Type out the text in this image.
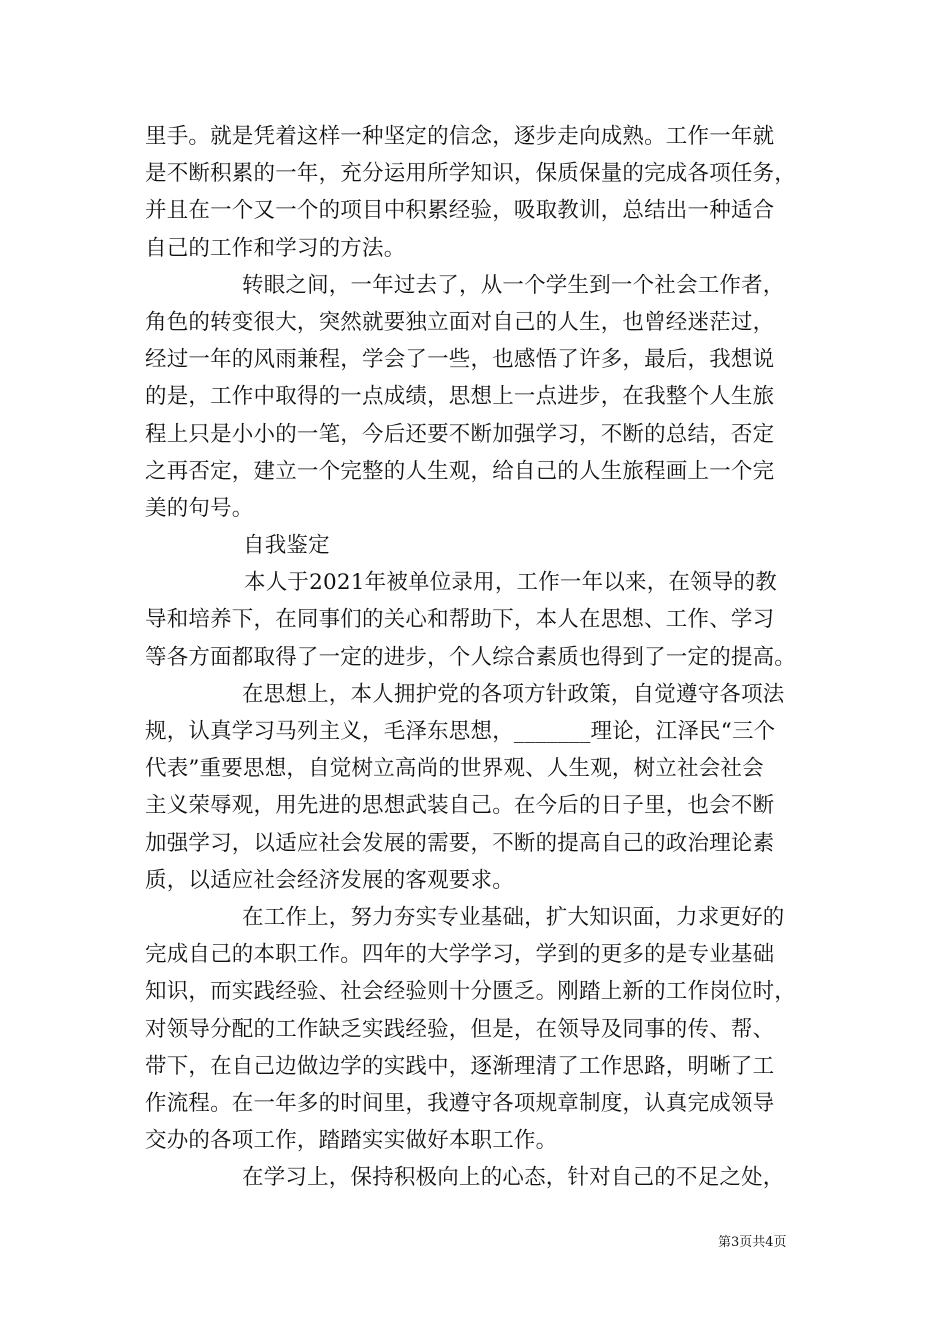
里手。就是凭着这样一种坚定的信念，逐步走向成熟。工作一年就
是不断积累的一年，充分运用所学知识，保质保量的完成各项任务，
并且在一个又一个的项目中积累经验，吸取教训，总结出一种适合
自己的工作和学习的方法。
转眼之间，一年过去了，从一个学生到一个社会工作者，
角色的转变很大，突然就要独立面对自己的人生，也曾经迷茫过，
经过一年的风雨兼程，学会了一些，也感悟了许多，最后，我想说
的是，工作中取得的一点成绩，思想上一点进步，在我整个人生旅
程上只是小小的一笔，今后还要不断加强学习，不断的总结，否定
之再否定，建立一个完整的人生观，给自己的人生旅程画上一个完
美的句号。
自我鉴定
本人于2021年被单位录用，工作一年以来，在领导的教
导和培养下，在同事们的关心和帮助下，本人在思想、工作、学习
等各方面都取得了一定的进步，个人综合素质也得到了一定的提高。
在思想上，本人拥护党的各项方针政策，自觉遵守各项法
规，认真学习马列主义，毛泽东思想，_______理论，江泽民“三个
代表”重要思想，自觉树立高尚的世界观、人生观，树立社会社会
主义荣辱观，用先进的思想武装自己。在今后的日子里，也会不断
加强学习，以适应社会发展的需要，不断的提高自己的政治理论素
质，以适应社会经济发展的客观要求。
在工作上，努力夯实专业基础，扩大知识面，力求更好的
完成自己的本职工作。四年的大学学习，学到的更多的是专业基础
知识，而实践经验、社会经验则十分匮乏。刚踏上新的工作岗位时，
对领导分配的工作缺乏实践经验，但是，在领导及同事的传、帮、
带下，在自己边做边学的实践中，逐渐理清了工作思路，明晰了工
作流程。在一年多的时间里，我遵守各项规章制度，认真完成领导
交办的各项工作，踏踏实实做好本职工作。
在学习上，保持积极向上的心态，针对自己的不足之处，
第3页共4页
